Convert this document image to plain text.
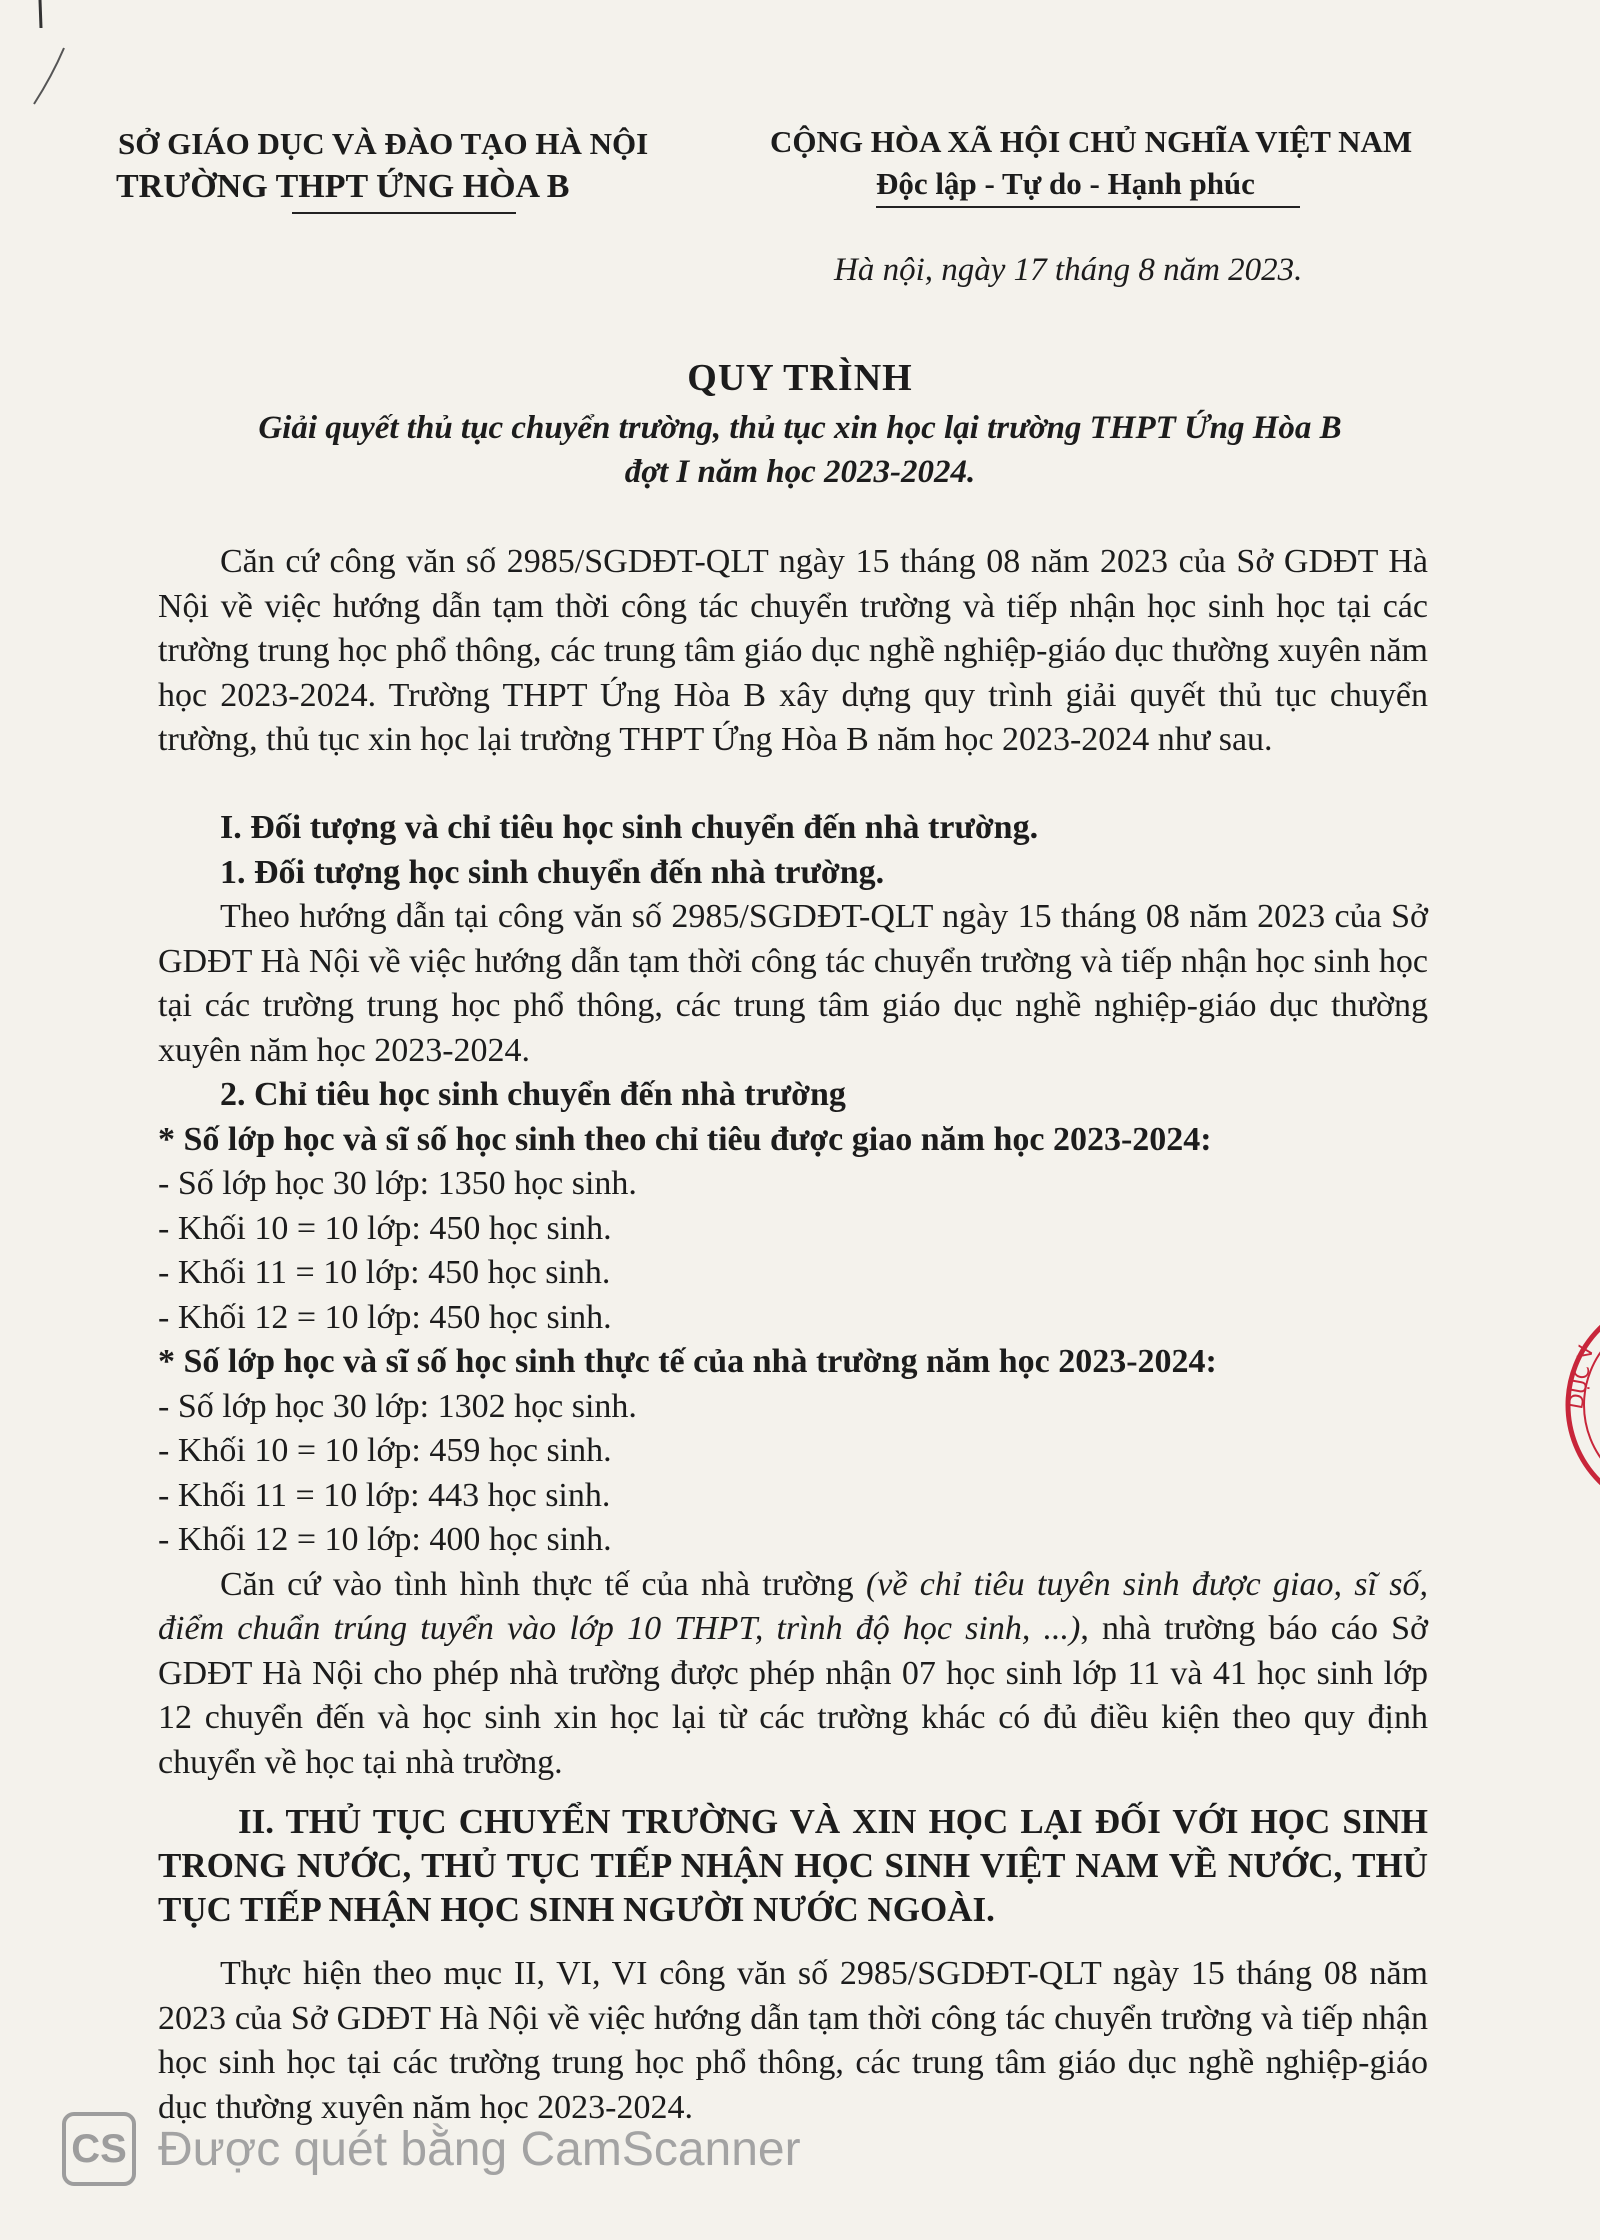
SỞ GIÁO DỤC VÀ ĐÀO TẠO HÀ NỘI
TRƯỜNG THPT ỨNG HÒA B
CỘNG HÒA XÃ HỘI CHỦ NGHĨA VIỆT NAM
Độc lập - Tự do - Hạnh phúc
Hà nội, ngày 17 tháng 8 năm 2023.
QUY TRÌNH
Giải quyết thủ tục chuyển trường, thủ tục xin học lại trường THPT Ứng Hòa B
đợt I năm học 2023-2024.

Căn cứ công văn số 2985/SGDĐT-QLT ngày 15 tháng 08 năm 2023 của Sở GDĐT Hà Nội về việc hướng dẫn tạm thời công tác chuyển trường và tiếp nhận học sinh học tại các trường trung học phổ thông, các trung tâm giáo dục nghề nghiệp-giáo dục thường xuyên năm học 2023-2024. Trường THPT Ứng Hòa B xây dựng quy trình giải quyết thủ tục chuyển trường, thủ tục xin học lại trường THPT Ứng Hòa B năm học 2023-2024 như sau.

I. Đối tượng và chỉ tiêu học sinh chuyển đến nhà trường.

1. Đối tượng học sinh chuyển đến nhà trường.

Theo hướng dẫn tại công văn số 2985/SGDĐT-QLT ngày 15 tháng 08 năm 2023 của Sở GDĐT Hà Nội về việc hướng dẫn tạm thời công tác chuyển trường và tiếp nhận học sinh học tại các trường trung học phổ thông, các trung tâm giáo dục nghề nghiệp-giáo dục thường xuyên năm học 2023-2024.

2. Chỉ tiêu học sinh chuyển đến nhà trường

* Số lớp học và sĩ số học sinh theo chỉ tiêu được giao năm học 2023-2024:

- Số lớp học 30 lớp: 1350 học sinh.

- Khối 10 = 10 lớp: 450 học sinh.

- Khối 11 = 10 lớp: 450 học sinh.

- Khối 12 = 10 lớp: 450 học sinh.

* Số lớp học và sĩ số học sinh thực tế của nhà trường năm học 2023-2024:

- Số lớp học 30 lớp: 1302 học sinh.

- Khối 10 = 10 lớp: 459 học sinh.

- Khối 11 = 10 lớp: 443 học sinh.

- Khối 12 = 10 lớp: 400 học sinh.

Căn cứ vào tình hình thực tế của nhà trường (về chỉ tiêu tuyên sinh được giao, sĩ số, điểm chuẩn trúng tuyển vào lớp 10 THPT, trình độ học sinh, ...), nhà trường báo cáo Sở GDĐT Hà Nội cho phép nhà trường được phép nhận 07 học sinh lớp 11 và 41 học sinh lớp 12 chuyển đến và học sinh xin học lại từ các trường khác có đủ điều kiện theo quy định chuyển về học tại nhà trường.

II. THỦ TỤC CHUYỂN TRƯỜNG VÀ XIN HỌC LẠI ĐỐI VỚI HỌC SINH TRONG NƯỚC, THỦ TỤC TIẾP NHẬN HỌC SINH VIỆT NAM VỀ NƯỚC, THỦ TỤC TIẾP NHẬN HỌC SINH NGƯỜI NƯỚC NGOÀI.

Thực hiện theo mục II, VI, VI công văn số 2985/SGDĐT-QLT ngày 15 tháng 08 năm 2023 của Sở GDĐT Hà Nội về việc hướng dẫn tạm thời công tác chuyển trường và tiếp nhận học sinh học tại các trường trung học phổ thông, các trung tâm giáo dục nghề nghiệp-giáo dục thường xuyên năm học 2023-2024.

DỤC V
CS Được quét bằng CamScanner
